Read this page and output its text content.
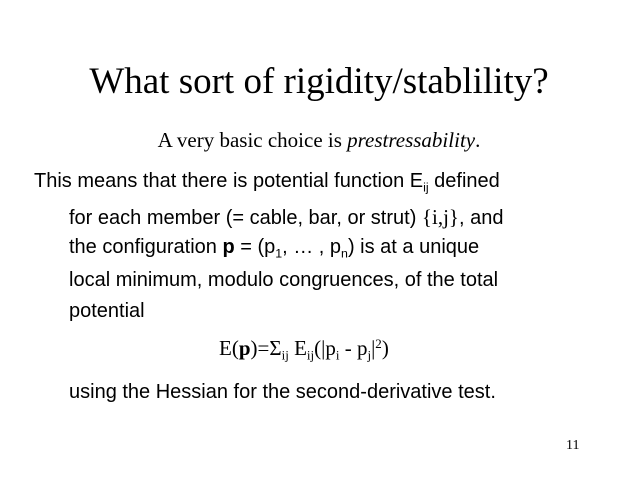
What sort of rigidity/stablility?
A very basic choice is prestressability.
This means that there is potential function $E_{ij}$ defined
for each member (= cable, bar, or strut) {i,j}, and
the configuration $p = (p_1$, … , $p_n$) is at a unique
local minimum, modulo congruences, of the total
potential
$E(p)=\Sigma_{ij}$ $E_{ij}(|p_i - p_j|^2)$
using the Hessian for the second-derivative test.
11
